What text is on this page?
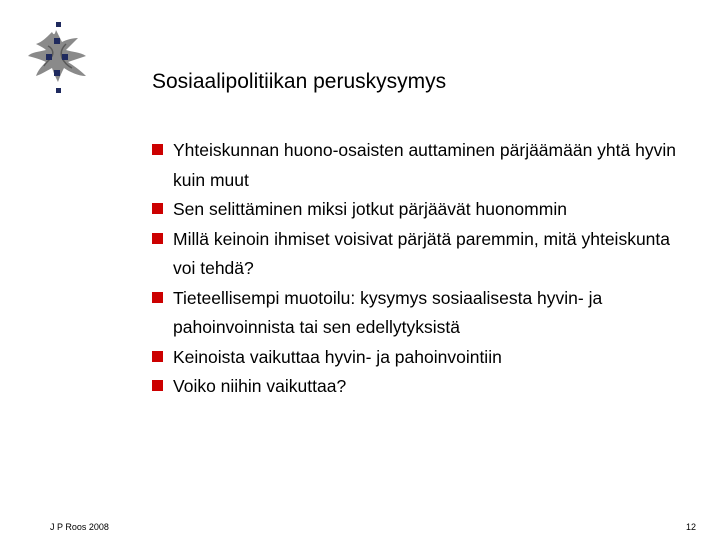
Sosiaalipolitiikan peruskysymys
Yhteiskunnan huono-osaisten auttaminen pärjäämään yhtä hyvin kuin muut
Sen selittäminen miksi jotkut pärjäävät huonommin
Millä keinoin ihmiset voisivat pärjätä paremmin, mitä yhteiskunta voi tehdä?
Tieteellisempi muotoilu: kysymys sosiaalisesta hyvin- ja pahoinvoinnista tai sen edellytyksistä
Keinoista vaikuttaa hyvin- ja pahoinvointiin
Voiko niihin vaikuttaa?
J P Roos 2008	12
